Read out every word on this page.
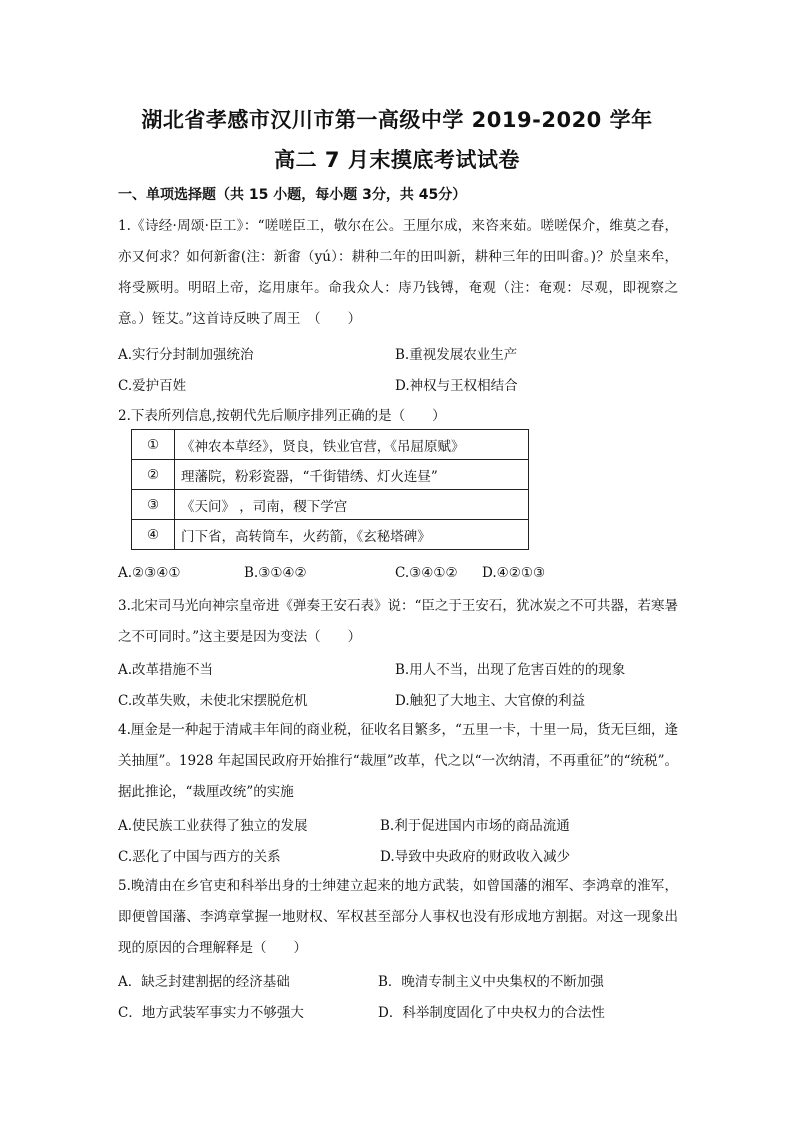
湖北省孝感市汉川市第一高级中学 2019-2020 学年
高二 7 月末摸底考试试卷
一、单项选择题（共 15 小题，每小题 3分，共 45分）
1.《诗经·周颂·臣工》：“嗟嗟臣工，敬尔在公。王厘尔成，来咨来茹。嗟嗟保介，维莫之春，亦又何求？如何新畬(注：新畬（yú）：耕种二年的田叫新，耕种三年的田叫畬。)？於皇来牟，将受厥明。明昭上帝，迄用康年。命我众人：庤乃钱镈，奄观（注：奄观：尽观，即视察之意。）铚艾。”这首诗反映了周王　（　　）
A.实行分封制加强统治	B.重视发展农业生产
C.爱护百姓	D.神权与王权相结合
2.下表所列信息,按朝代先后顺序排列正确的是（　　）
①	《神农本草经》，贤良，铁业官营，《吊屈原赋》
②	理藩院，粉彩瓷器，“千街错绣、灯火连昼”
③	《天问》 ，司南，稷下学宫
④	门下省，高转筒车，火药箭，《玄秘塔碑》
A.②③④①	B.③①④②	C.③④①② D.④②①③
3.北宋司马光向神宗皇帝进《弹奏王安石表》说：“臣之于王安石，犹冰炭之不可共器，若寒暑之不可同时。”这主要是因为变法（　　）
A.改革措施不当	B.用人不当，出现了危害百姓的的现象
C.改革失败，未使北宋摆脱危机	D.触犯了大地主、大官僚的利益
4.厘金是一种起于清咸丰年间的商业税，征收名目繁多，“五里一卡，十里一局，货无巨细，逢关抽厘”。1928 年起国民政府开始推行“裁厘”改革，代之以“一次纳清，不再重征”的“统税”。据此推论，“裁厘改统”的实施
A.使民族工业获得了独立的发展	B.利于促进国内市场的商品流通
C.恶化了中国与西方的关系	D.导致中央政府的财政收入减少
5.晚清由在乡官吏和科举出身的士绅建立起来的地方武装，如曾国藩的湘军、李鸿章的淮军，即便曾国藩、李鸿章掌握一地财权、军权甚至部分人事权也没有形成地方割据。对这一现象出现的原因的合理解释是（　　）
A．缺乏封建割据的经济基础	B．晚清专制主义中央集权的不断加强
C．地方武装军事实力不够强大	D．科举制度固化了中央权力的合法性
